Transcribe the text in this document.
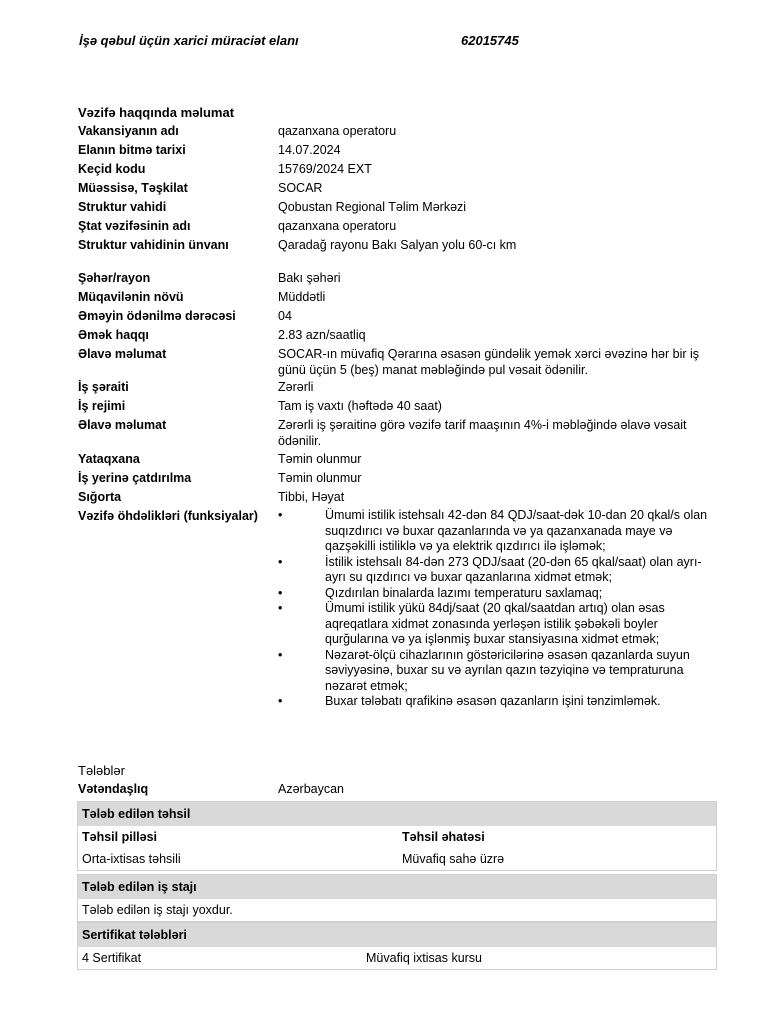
İşə qəbul üçün xarici müraciət elanı	62015745
Vəzifə haqqında məlumat
Vakansiyanın adı	qazanxana operatoru
Elanın bitmə tarixi	14.07.2024
Keçid kodu	15769/2024 EXT
Müəssisə, Təşkilat	SOCAR
Struktur vahidi	Qobustan Regional Təlim Mərkəzi
Ştat vəzifəsinin adı	qazanxana operatoru
Struktur vahidinin ünvanı	Qaradağ rayonu Bakı Salyan yolu 60-cı km
Şəhər/rayon	Bakı şəhəri
Müqavilənin növü	Müddətli
Əməyin ödənilmə dərəcəsi	04
Əmək haqqı	2.83 azn/saatliq
Əlavə məlumat	SOCAR-ın müvafiq Qərarına əsasən gündəlik yemək xərci əvəzinə hər bir iş günü üçün 5 (beş) manat məbləğində pul vəsait ödənilir.
İş şəraiti	Zərərli
İş rejimi	Tam iş vaxtı (həftədə 40 saat)
Əlavə məlumat	Zərərli iş şəraitinə görə vəzifə tarif maaşının 4%-i məbləğində əlavə vəsait ödənilir.
Yataqxana	Təmin olunmur
İş yerinə çatdırılma	Təmin olunmur
Sığorta	Tibbi, Həyat
Vəzifə öhdəlikləri (funksiyalar)	•	Ümumi istilik istehsalı 42-dən 84 QDJ/saat-dək 10-dan 20 qkal/s olan suqızdırıcı və buxar qazanlarında və ya qazanxanada maye və qazşəkilli istiliklə və ya elektrik qızdırıcı ilə işləmək;
•	İstilik istehsalı 84-dən 273 QDJ/saat (20-dən 65 qkal/saat) olan ayrı-ayrı su qızdırıcı və buxar qazanlarına xidmət etmək;
•	Qızdırılan binalarda lazımı temperaturu saxlamaq;
•	Ümumi istilik yükü 84dj/saat (20 qkal/saatdan artıq) olan əsas aqreqatlara xidmət zonasında yerləşən istilik şəbəkəli boyler qurğularına və ya işlənmiş buxar stansiyasına xidmət etmək;
•	Nəzarət-ölçü cihazlarının göstəricilərinə əsasən qazanlarda suyun səviyyəsinə, buxar su və ayrılan qazın təzyiqinə və tempraturuna nəzarət etmək;
•	Buxar tələbatı qrafikinə əsasən qazanların işini tənzimləmək.
Tələblər
Vətəndaşlıq	Azərbaycan
Tələb edilən təhsil
Təhsil pilləsi	Təhsil əhatəsi
Orta-ixtisas təhsili	Müvafiq sahə üzrə
Tələb edilən iş stajı
Tələb edilən iş stajı yoxdur.
Sertifikat tələbləri
4 Sertifikat	Müvafiq ixtisas kursu
